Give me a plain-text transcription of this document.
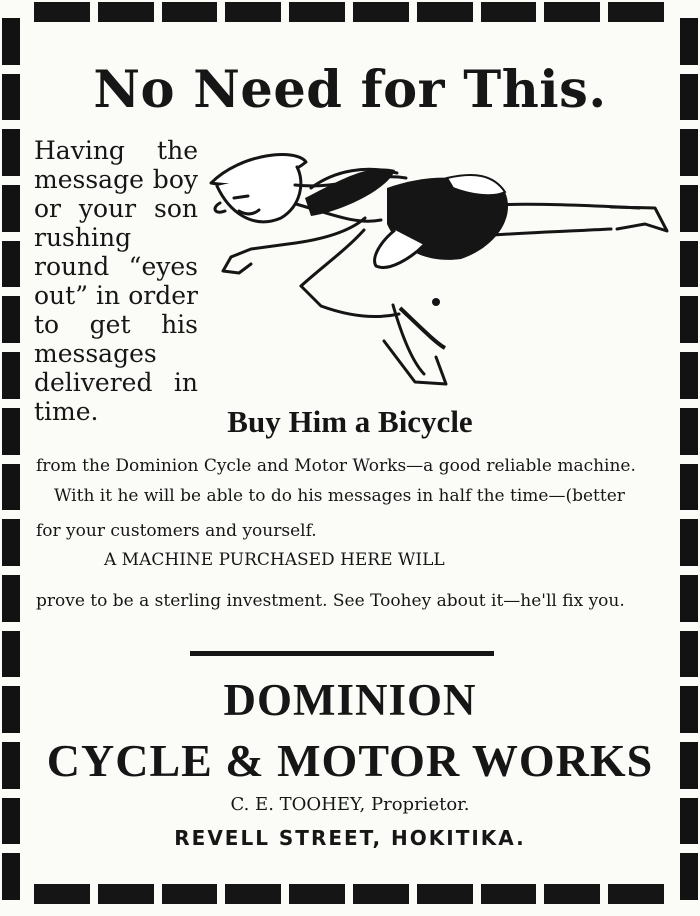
No Need for This.
Having the message boy or your son rushing round “eyes out” in order to get his messages delivered in time.	Buy Him a Bicycle
from the Dominion Cycle and Motor Works—a good reliable machine.
With it he will be able to do his messages in half the time—(better
for your customers and yourself.
A MACHINE PURCHASED HERE WILL
prove to be a sterling investment. See Toohey about it—he'll fix you.
DOMINION
CYCLE & MOTOR WORKS
C. E. TOOHEY, Proprietor.
REVELL STREET, HOKITIKA.
